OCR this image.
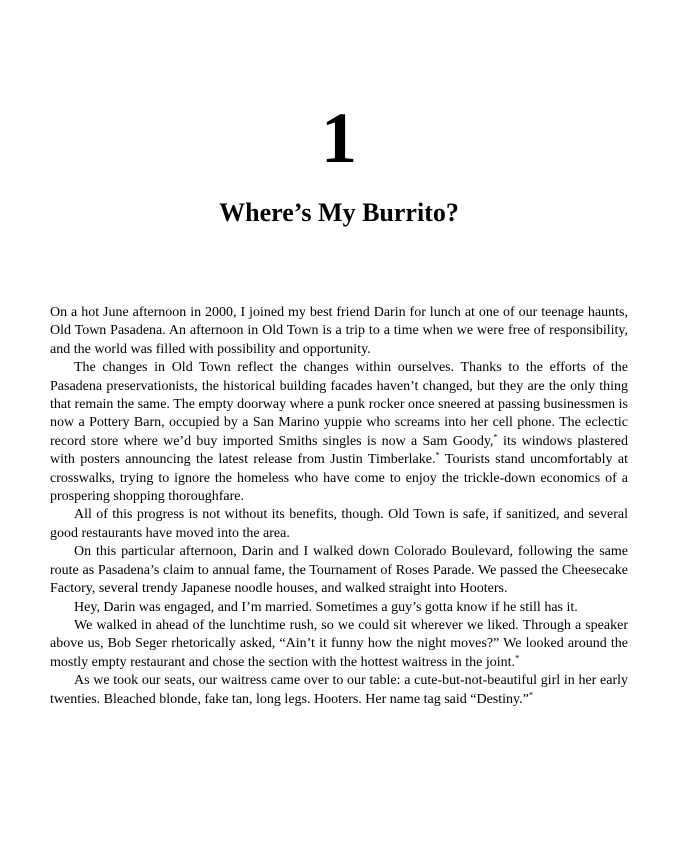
1
Where’s My Burrito?

On a hot June afternoon in 2000, I joined my best friend Darin for lunch at one of our teenage haunts, Old Town Pasadena. An afternoon in Old Town is a trip to a time when we were free of responsibility, and the world was filled with possibility and opportunity.

The changes in Old Town reflect the changes within ourselves. Thanks to the efforts of the Pasadena preservationists, the historical building facades haven’t changed, but they are the only thing that remain the same. The empty doorway where a punk rocker once sneered at passing businessmen is now a Pottery Barn, occupied by a San Marino yuppie who screams into her cell phone. The eclectic record store where we’d buy imported Smiths singles is now a Sam Goody,* its windows plastered with posters announcing the latest release from Justin Timberlake.* Tourists stand uncomfortably at crosswalks, trying to ignore the homeless who have come to enjoy the trickle-down economics of a prospering shopping thoroughfare.

All of this progress is not without its benefits, though. Old Town is safe, if sanitized, and several good restaurants have moved into the area.

On this particular afternoon, Darin and I walked down Colorado Boulevard, following the same route as Pasadena’s claim to annual fame, the Tournament of Roses Parade. We passed the Cheesecake Factory, several trendy Japanese noodle houses, and walked straight into Hooters.

Hey, Darin was engaged, and I’m married. Sometimes a guy’s gotta know if he still has it.

We walked in ahead of the lunchtime rush, so we could sit wherever we liked. Through a speaker above us, Bob Seger rhetorically asked, “Ain’t it funny how the night moves?” We looked around the mostly empty restaurant and chose the section with the hottest waitress in the joint.*

As we took our seats, our waitress came over to our table: a cute-but-not-beautiful girl in her early twenties. Bleached blonde, fake tan, long legs. Hooters. Her name tag said “Destiny.”*
